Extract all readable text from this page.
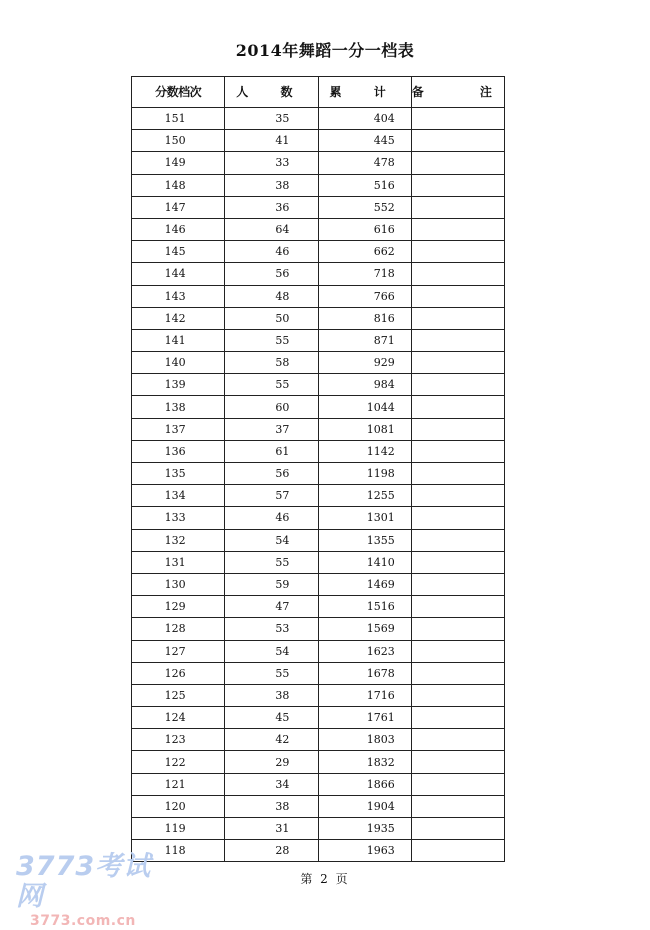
2014年舞蹈一分一档表
分数档次	人 数	累 计	备 注
151	35	404	
150	41	445	
149	33	478	
148	38	516	
147	36	552	
146	64	616	
145	46	662	
144	56	718	
143	48	766	
142	50	816	
141	55	871	
140	58	929	
139	55	984	
138	60	1044	
137	37	1081	
136	61	1142	
135	56	1198	
134	57	1255	
133	46	1301	
132	54	1355	
131	55	1410	
130	59	1469	
129	47	1516	
128	53	1569	
127	54	1623	
126	55	1678	
125	38	1716	
124	45	1761	
123	42	1803	
122	29	1832	
121	34	1866	
120	38	1904	
119	31	1935	
118	28	1963	
第 2 页
3773考试网
3773.com.cn
